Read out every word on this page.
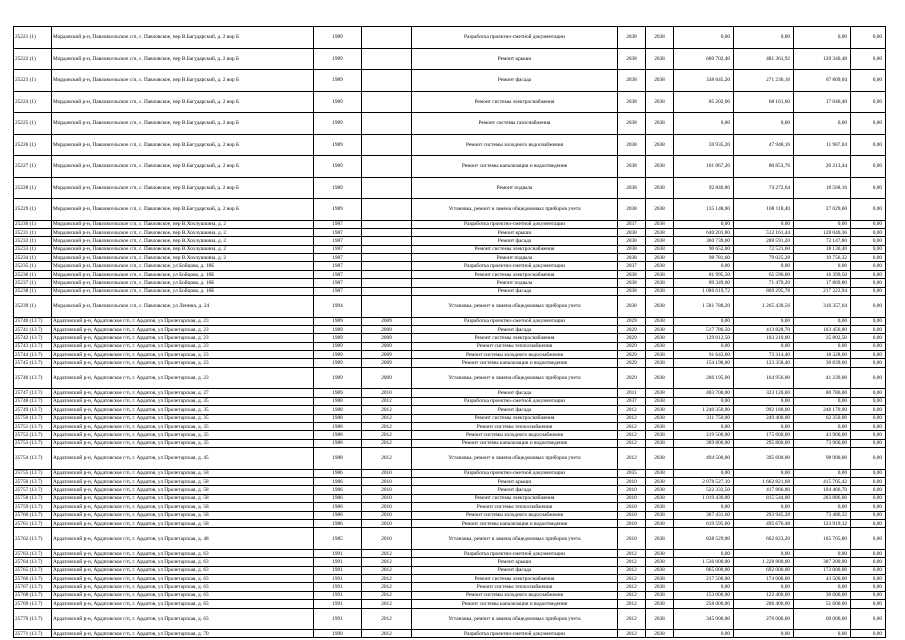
25221 (1)	Мордовский р-н, Павловсельское с/п, с. Павловское, пер В.Багударский, д. 2 вор Б	1989		Разработка проектно-сметной документации	2038	2038	0,00	0,00	0,00	0,00
25222 (1)	Мордовский р-н, Павловсельское с/п, с. Павловское, пер В.Багударский, д. 2 вор Б	1989		Ремонт крыши	2038	2038	600 702,40	481 361,92	120 340,48	0,00
25223 (1)	Мордовский р-н, Павловсельское с/п, с. Павловское, пер В.Багударский, д. 2 вор Б	1989		Ремонт фасада	2038	2038	338 645,20	271 236,16	67 809,04	0,00
25224 (1)	Мордовский р-н, Павловсельское с/п, с. Павловское, пер В.Багударский, д. 2 вор Б	1989		Ремонт системы электроснабжения	2038	2038	85 202,00	68 161,60	17 040,40	0,00
25225 (1)	Мордовский р-н, Павловсельское с/п, с. Павловское, пер В.Багударский, д. 2 вор Б	1989		Ремонт системы газоснабжения	2038	2038	0,00	0,00	0,00	0,00
25226 (1)	Мордовский р-н, Павловсельское с/п, с. Павловское, пер В.Багударский, д. 2 вор Б	1989		Ремонт системы холодного водоснабжения	2038	2038	59 935,20	47 948,16	11 987,04	0,00
25227 (1)	Мордовский р-н, Павловсельское с/п, с. Павловское, пер В.Багударский, д. 2 вор Б	1989		Ремонт системы канализации и водоотведения	2038	2038	101 067,20	80 853,76	20 213,44	0,00
25228 (1)	Мордовский р-н, Павловсельское с/п, с. Павловское, пер В.Багударский, д. 2 вор Б	1989		Ремонт подвала	2038	2038	92 840,80	74 272,64	18 568,16	0,00
25229 (1)	Мордовский р-н, Павловсельское с/п, с. Павловское, пер В.Багударский, д. 2 вор Б	1989		Установка, ремонт и замена общедомовых приборов учета	2038	2038	135 148,00	108 118,40	27 029,60	0,00
25230 (1)	Мордовский р-н, Павловсельское с/п, с. Павловское, пер В.Хохлушкина, д. 2	1987		Разработка проектно-сметной документации	2037	2038	0,00	0,00	0,00	0,00
25231 (1)	Мордовский р-н, Павловсельское с/п, с. Павловское, пер В.Хохлушкина, д. 2	1987		Ремонт крыши	2038	2038	640 201,80	512 161,44	128 040,36	0,00
25232 (1)	Мордовский р-н, Павловсельское с/п, с. Павловское, пер В.Хохлушкина, д. 2	1987		Ремонт фасада	2038	2038	360 739,00	288 591,20	72 147,80	0,00
25233 (1)	Мордовский р-н, Павловсельское с/п, с. Павловское, пер В.Хохлушкина, д. 2	1987		Ремонт системы электроснабжения	2038	2038	90 652,00	72 521,60	18 130,40	0,00
25234 (1)	Мордовский р-н, Павловсельское с/п, с. Павловское, пер В.Хохлушкина, д. 2	1987		Ремонт подвала	2038	2038	98 781,60	79 025,28	19 756,32	0,00
25235 (1)	Мордовский р-н, Павловсельское с/п, с. Павловское, ул Бойцова, д. 18Б	1987		Разработка проектно-сметной документации	2037	2038	0,00	0,00	0,00	0,00
25236 (1)	Мордовский р-н, Павловсельское с/п, с. Павловское, ул Бойцова, д. 18Б	1987		Ремонт системы электроснабжения	2038	2038	81 995,50	65 596,00	16 399,50	0,00
25237 (1)	Мордовский р-н, Павловсельское с/п, с. Павловское, ул Бойцова, д. 18Б	1987		Ремонт подвала	2038	2038	89 349,00	71 479,20	17 869,80	0,00
25238 (1)	Мордовский р-н, Павловсельское с/п, с. Павловское, ул Бойцова, д. 18Б	1987		Ремонт фасада	2038	2038	1 086 619,72	869 295,78	217 323,94	0,00
25239 (1)	Мордовский р-н, Павловсельское с/п, с. Павловское, ул Ленина, д. 24	1994		Установка, ремонт и замена общедомовых приборов учета	2038	2038	1 581 788,20	1 265 430,56	316 357,64	0,00
25740 (13 7)	Ардатовский р-н, Ардатовское г/п, г. Ардатов, ул Пролетарская, д. 23	1989	2009	Разработка проектно-сметной документации	2029	2038	0,00	0,00	0,00	0,00
25741 (13 7)	Ардатовский р-н, Ардатовское г/п, г. Ардатов, ул Пролетарская, д. 23	1989	2009	Ремонт фасада	2029	2038	517 786,50	413 828,70	103 456,80	0,00
25742 (13 7)	Ардатовский р-н, Ардатовское г/п, г. Ардатов, ул Пролетарская, д. 23	1989	2009	Ремонт системы электроснабжения	2029	2038	129 012,50	103 210,00	25 802,50	0,00
25743 (13 7)	Ардатовский р-н, Ардатовское г/п, г. Ардатов, ул Пролетарская, д. 23	1989	2009	Ремонт системы теплоснабжения	2029	2038	0,00	0,00	0,00	0,00
25744 (13 7)	Ардатовский р-н, Ардатовское г/п, г. Ардатов, ул Пролетарская, д. 23	1989	2009	Ремонт системы холодного водоснабжения	2029	2038	91 643,00	73 314,40	18 328,60	0,00
25745 (13 7)	Ардатовский р-н, Ардатовское г/п, г. Ардатов, ул Пролетарская, д. 23	1989	2009	Ремонт системы канализации и водоотведения	2029	2038	154 198,00	123 358,40	30 839,60	0,00
25746 (13 7)	Ардатовский р-н, Ардатовское г/п, г. Ардатов, ул Пролетарская, д. 23	1989	2009	Установка, ремонт и замена общедомовых приборов учета	2029	2038	206 195,00	164 956,00	41 239,00	0,00
25747 (13 7)	Ардатовский р-н, Ардатовское г/п, г. Ардатов, ул Пролетарская, д. 27	1989	2010	Ремонт фасада	2011	2038	403 700,00	323 120,00	80 780,00	0,00
25748 (13 7)	Ардатовский р-н, Ардатовское г/п, г. Ардатов, ул Пролетарская, д. 35	1988	2012	Разработка проектно-сметной документации	2037	2038	0,00	0,00	0,00	0,00
25749 (13 7)	Ардатовский р-н, Ардатовское г/п, г. Ардатов, ул Пролетарская, д. 35	1988	2012	Ремонт фасада	2012	2038	1 240 350,00	992 180,00	248 170,00	0,00
25750 (13 7)	Ардатовский р-н, Ардатовское г/п, г. Ардатов, ул Пролетарская, д. 35	1988	2012	Ремонт системы электроснабжения	2012	2038	311 750,00	249 400,00	62 350,00	0,00
25751 (13 7)	Ардатовский р-н, Ардатовское г/п, г. Ардатов, ул Пролетарская, д. 35	1988	2012	Ремонт системы теплоснабжения	2012	2038	0,00	0,00	0,00	0,00
25752 (13 7)	Ардатовский р-н, Ардатовское г/п, г. Ардатов, ул Пролетарская, д. 35	1988	2012	Ремонт системы холодного водоснабжения	2012	2038	219 500,00	175 600,00	43 900,00	0,00
25753 (13 7)	Ардатовский р-н, Ардатовское г/п, г. Ардатов, ул Пролетарская, д. 35	1988	2012	Ремонт системы канализации и водоотведения	2012	2038	369 800,00	295 800,00	73 960,00	0,00
25754 (13 7)	Ардатовский р-н, Ардатовское г/п, г. Ардатов, ул Пролетарская, д. 45	1988	2012	Установка, ремонт и замена общедомовых приборов учета	2012	2038	494 500,00	395 600,00	98 900,00	0,00
25755 (13 7)	Ардатовский р-н, Ардатовское г/п, г. Ардатов, ул Пролетарская, д. 58	1986	2010	Разработка проектно-сметной документации	2035	2038	0,00	0,00	0,00	0,00
25756 (13 7)	Ардатовский р-н, Ардатовское г/п, г. Ардатов, ул Пролетарская, д. 58	1986	2010	Ремонт крыши	2010	2038	2 078 527,10	1 662 821,68	415 705,42	0,00
25757 (13 7)	Ардатовский р-н, Ардатовское г/п, г. Ардатов, ул Пролетарская, д. 58	1986	2010	Ремонт фасада	2010	2038	522 333,50	417 866,80	104 466,70	0,00
25758 (13 7)	Ардатовский р-н, Ардатовское г/п, г. Ардатов, ул Пролетарская, д. 58	1986	2010	Ремонт системы электроснабжения	2010	2038	1 019 430,00	815 544,00	203 886,00	0,00
25759 (13 7)	Ардатовский р-н, Ардатовское г/п, г. Ардатов, ул Пролетарская, д. 58	1986	2010	Ремонт системы теплоснабжения	2010	2038	0,00	0,00	0,00	0,00
25760 (13 7)	Ардатовский р-н, Ардатовское г/п, г. Ардатов, ул Пролетарская, д. 58	1986	2010	Ремонт системы холодного водоснабжения	2010	2038	367 431,60	293 945,28	73 486,32	0,00
25761 (13 7)	Ардатовский р-н, Ардатовское г/п, г. Ардатов, ул Пролетарская, д. 58	1986	2010	Ремонт системы канализации и водоотведения	2010	2038	619 595,60	495 676,48	123 919,12	0,00
25762 (13 7)	Ардатовский р-н, Ардатовское г/п, г. Ардатов, ул Пролетарская, д. 48	1985	2010	Установка, ремонт и замена общедомовых приборов учета	2010	2038	828 529,00	662 823,20	165 705,80	0,00
25763 (13 7)	Ардатовский р-н, Ардатовское г/п, г. Ардатов, ул Пролетарская, д. 63	1991	2012	Разработка проектно-сметной документации	2012	2038	0,00	0,00	0,00	0,00
25764 (13 7)	Ардатовский р-н, Ардатовское г/п, г. Ардатов, ул Пролетарская, д. 63	1991	2012	Ремонт крыши	2012	2038	1 536 000,00	1 228 800,00	307 200,00	0,00
25765 (13 7)	Ардатовский р-н, Ардатовское г/п, г. Ардатов, ул Пролетарская, д. 63	1991	2012	Ремонт фасада	2012	2038	865 000,00	692 000,00	173 000,00	0,00
25766 (13 7)	Ардатовский р-н, Ардатовское г/п, г. Ардатов, ул Пролетарская, д. 63	1991	2012	Ремонт системы электроснабжения	2012	2038	217 500,00	174 000,00	43 500,00	0,00
25767 (13 7)	Ардатовский р-н, Ардатовское г/п, г. Ардатов, ул Пролетарская, д. 63	1991	2012	Ремонт системы теплоснабжения	2012	2038	0,00	0,00	0,00	0,00
25768 (13 7)	Ардатовский р-н, Ардатовское г/п, г. Ардатов, ул Пролетарская, д. 63	1991	2012	Ремонт системы холодного водоснабжения	2012	2038	153 000,00	122 400,00	30 600,00	0,00
25769 (13 7)	Ардатовский р-н, Ардатовское г/п, г. Ардатов, ул Пролетарская, д. 63	1991	2012	Ремонт системы канализации и водоотведения	2012	2038	258 000,00	206 400,00	51 600,00	0,00
25770 (13 7)	Ардатовский р-н, Ардатовское г/п, г. Ардатов, ул Пролетарская, д. 63	1991	2012	Установка, ремонт и замена общедомовых приборов учета	2012	2038	345 000,00	276 000,00	69 000,00	0,00
25771 (13 7)	Ардатовский р-н, Ардатовское г/п, г. Ардатов, ул Пролетарская, д. 70	1990	2012	Разработка проектно-сметной документации	2012	2038	0,00	0,00	0,00	0,00
